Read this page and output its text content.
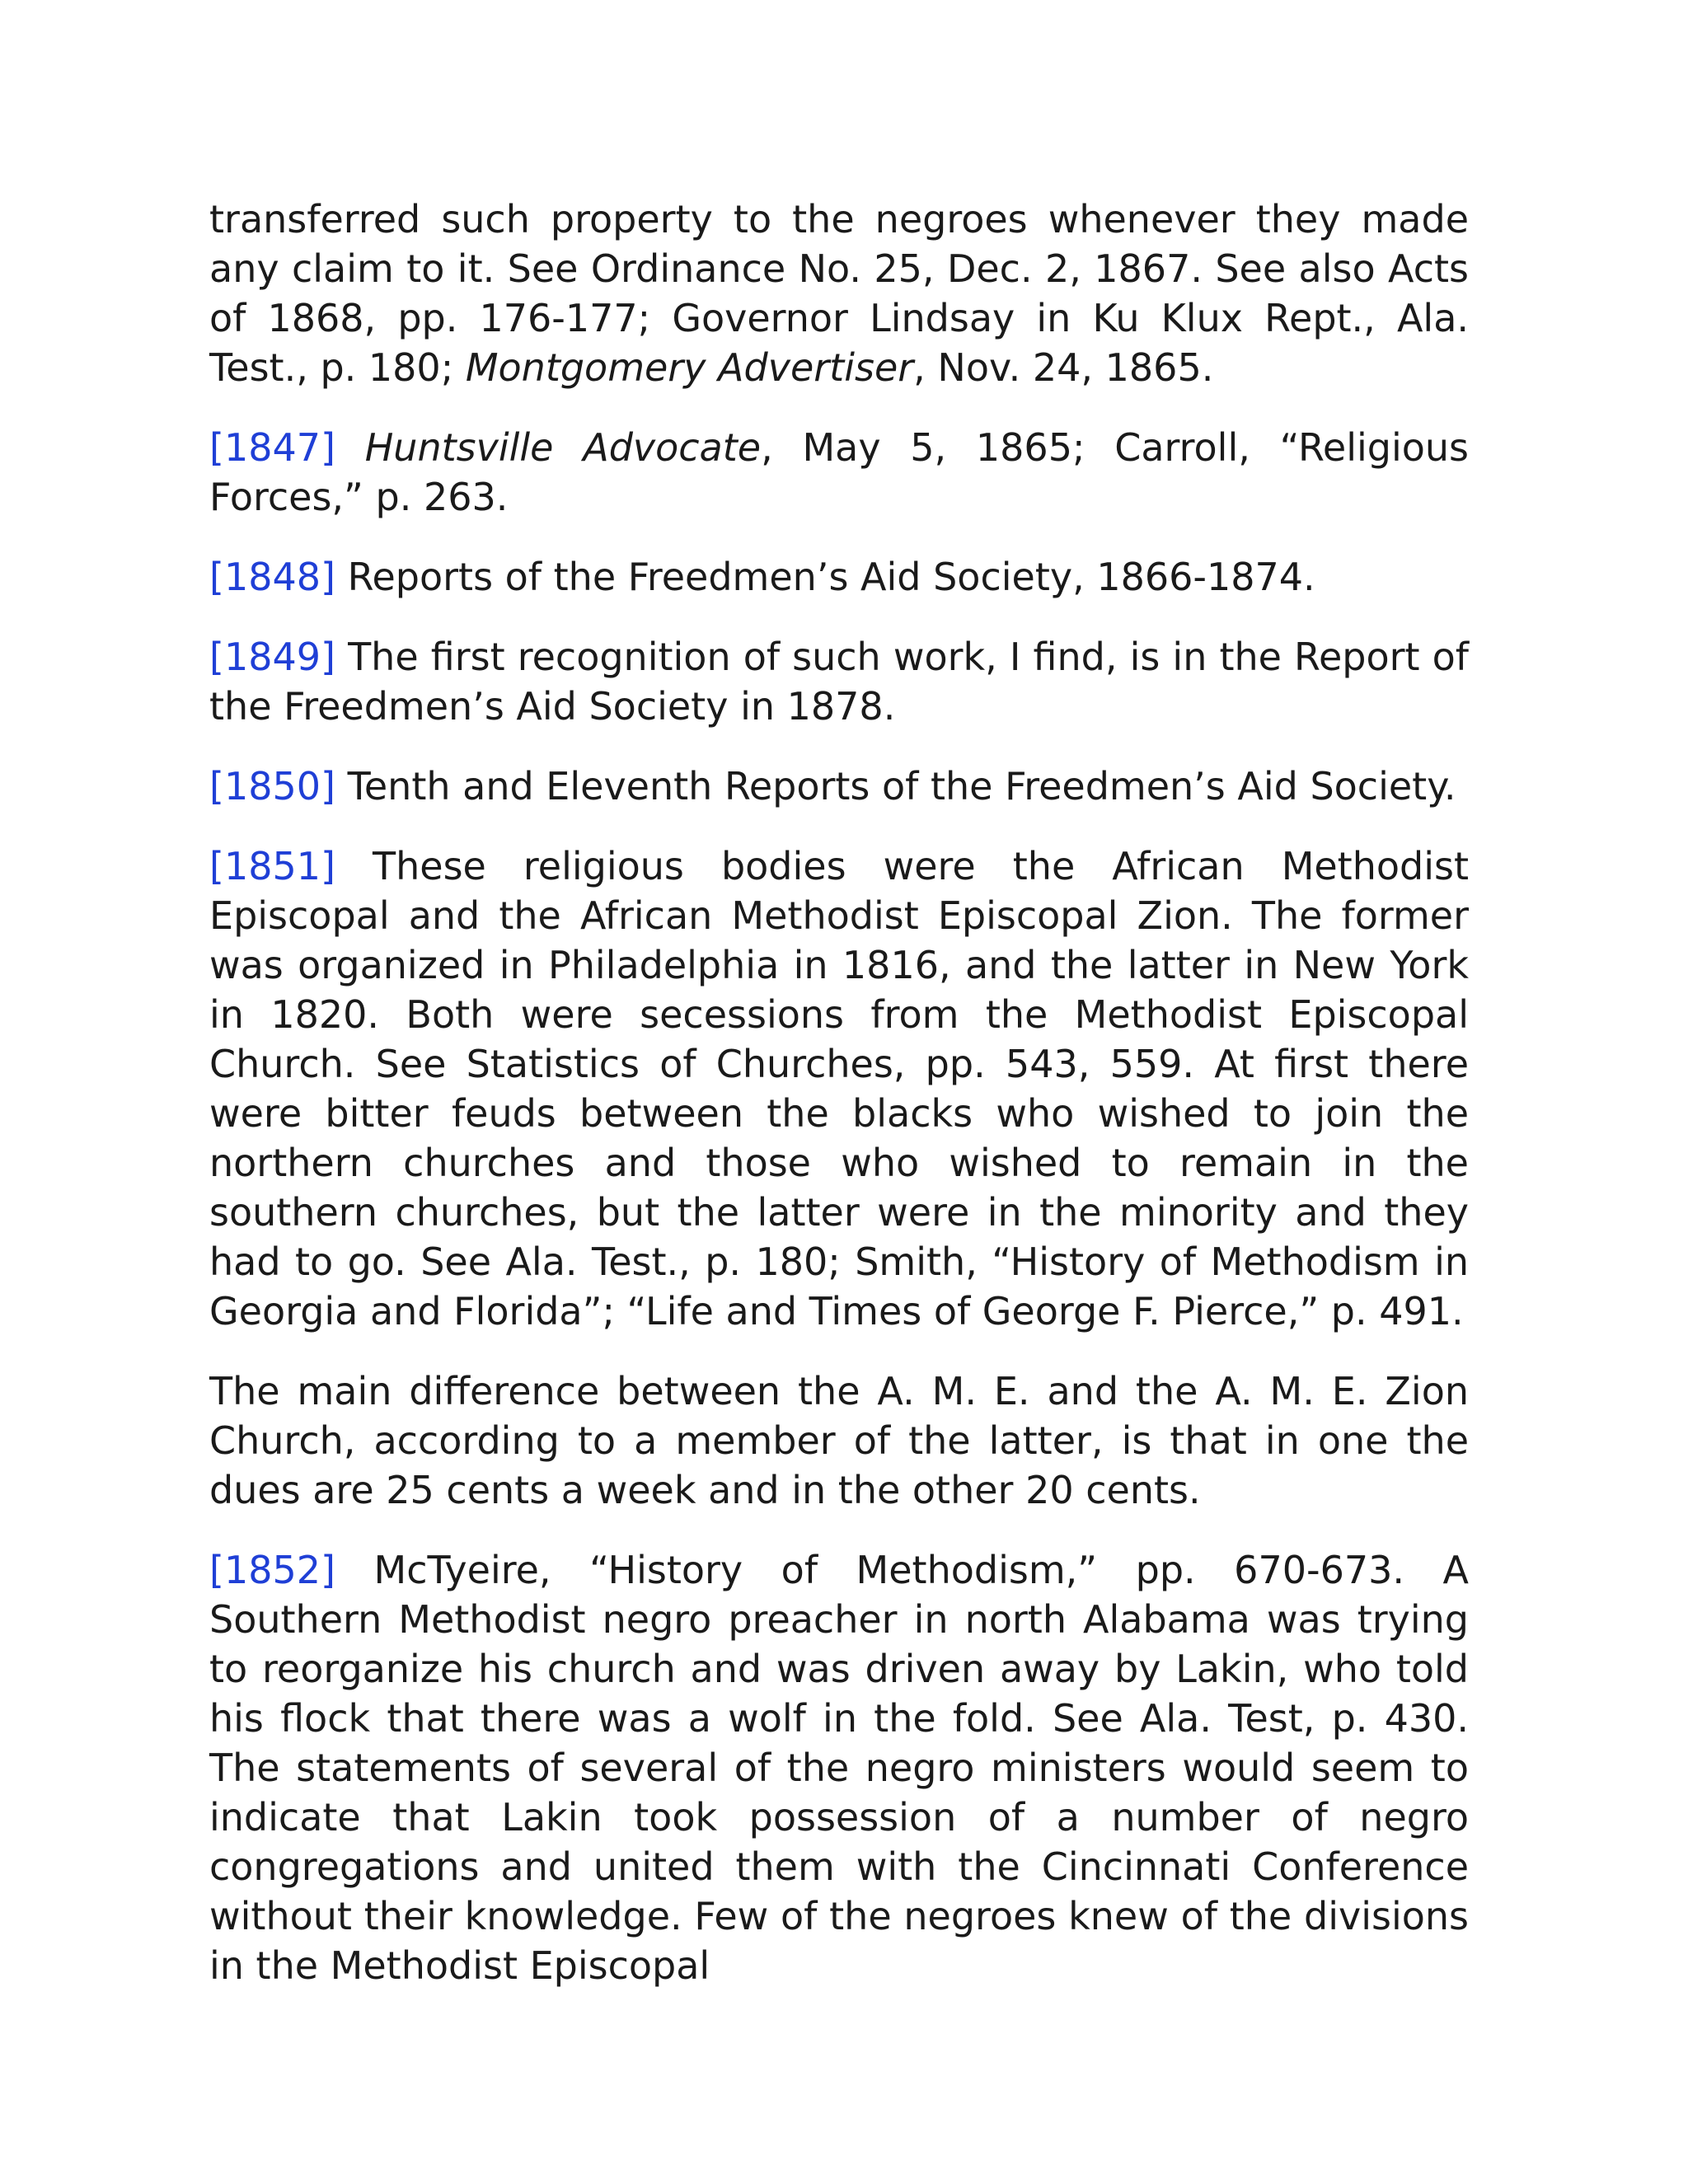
transferred such property to the negroes whenever they made any claim to it. See Ordinance No. 25, Dec. 2, 1867. See also Acts of 1868, pp. 176-177; Governor Lindsay in Ku Klux Rept., Ala. Test., p. 180; Montgomery Advertiser, Nov. 24, 1865.

[1847] Huntsville Advocate, May 5, 1865; Carroll, “Religious Forces,” p. 263.

[1848] Reports of the Freedmen’s Aid Society, 1866-1874.

[1849] The first recognition of such work, I find, is in the Report of the Freedmen’s Aid Society in 1878.

[1850] Tenth and Eleventh Reports of the Freedmen’s Aid Society.

[1851] These religious bodies were the African Methodist Episcopal and the African Methodist Episcopal Zion. The former was organized in Philadelphia in 1816, and the latter in New York in 1820. Both were secessions from the Methodist Episcopal Church. See Statistics of Churches, pp. 543, 559. At first there were bitter feuds between the blacks who wished to join the northern churches and those who wished to remain in the southern churches, but the latter were in the minority and they had to go. See Ala. Test., p. 180; Smith, “History of Methodism in Georgia and Florida”; “Life and Times of George F. Pierce,” p. 491.

The main difference between the A. M. E. and the A. M. E. Zion Church, according to a member of the latter, is that in one the dues are 25 cents a week and in the other 20 cents.

[1852] McTyeire, “History of Methodism,” pp. 670-673. A Southern Methodist negro preacher in north Alabama was trying to reorganize his church and was driven away by Lakin, who told his flock that there was a wolf in the fold. See Ala. Test, p. 430. The statements of several of the negro ministers would seem to indicate that Lakin took possession of a number of negro congregations and united them with the Cincinnati Conference without their knowledge. Few of the negroes knew of the divisions in the Methodist Episcopal
